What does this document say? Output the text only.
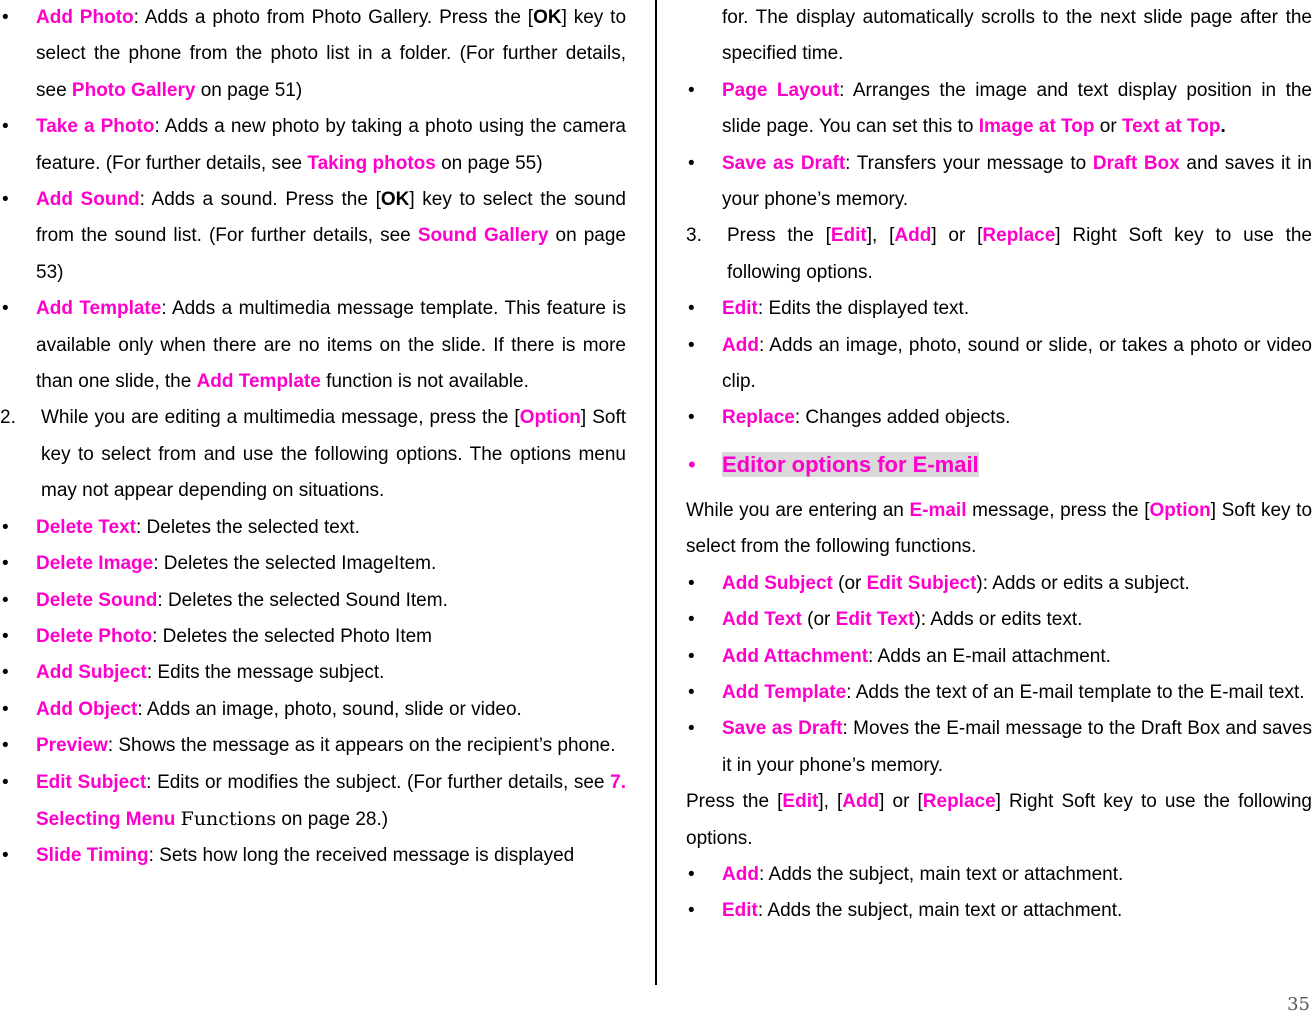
•	Add Photo: Adds a photo from Photo Gallery. Press the [OK] key to select the phone from the photo list in a folder. (For further details, see Photo Gallery on page 51)
•	Take a Photo: Adds a new photo by taking a photo using the camera feature. (For further details, see Taking photos on page 55)
•	Add Sound: Adds a sound. Press the [OK] key to select the sound from the sound list. (For further details, see Sound Gallery on page 53)
•	Add Template: Adds a multimedia message template. This feature is available only when there are no items on the slide. If there is more than one slide, the Add Template function is not available.
2. While you are editing a multimedia message, press the [Option] Soft key to select from and use the following options. The options menu may not appear depending on situations.
•	Delete Text: Deletes the selected text.
•	Delete Image: Deletes the selected ImageItem.
•	Delete Sound: Deletes the selected Sound Item.
•	Delete Photo: Deletes the selected Photo Item
•	Add Subject: Edits the message subject.
•	Add Object: Adds an image, photo, sound, slide or video.
•	Preview: Shows the message as it appears on the recipient’s phone.
•	Edit Subject: Edits or modifies the subject. (For further details, see 7. Selecting Menu Functions on page 28.)
•	Slide Timing: Sets how long the received message is displayed
for. The display automatically scrolls to the next slide page after the specified time.
•	Page Layout: Arranges the image and text display position in the slide page. You can set this to Image at Top or Text at Top.
•	Save as Draft: Transfers your message to Draft Box and saves it in your phone’s memory.
3. Press the [Edit], [Add] or [Replace] Right Soft key to use the following options.
•	Edit: Edits the displayed text.
•	Add: Adds an image, photo, sound or slide, or takes a photo or video clip.
•	Replace: Changes added objects.
• Editor options for E-mail
While you are entering an E-mail message, press the [Option] Soft key to select from the following functions.
•	Add Subject (or Edit Subject): Adds or edits a subject.
•	Add Text (or Edit Text): Adds or edits text.
•	Add Attachment: Adds an E-mail attachment.
•	Add Template: Adds the text of an E-mail template to the E-mail text.
•	Save as Draft: Moves the E-mail message to the Draft Box and saves it in your phone’s memory.
Press the [Edit], [Add] or [Replace] Right Soft key to use the following options.
•	Add: Adds the subject, main text or attachment.
•	Edit: Adds the subject, main text or attachment.
35
